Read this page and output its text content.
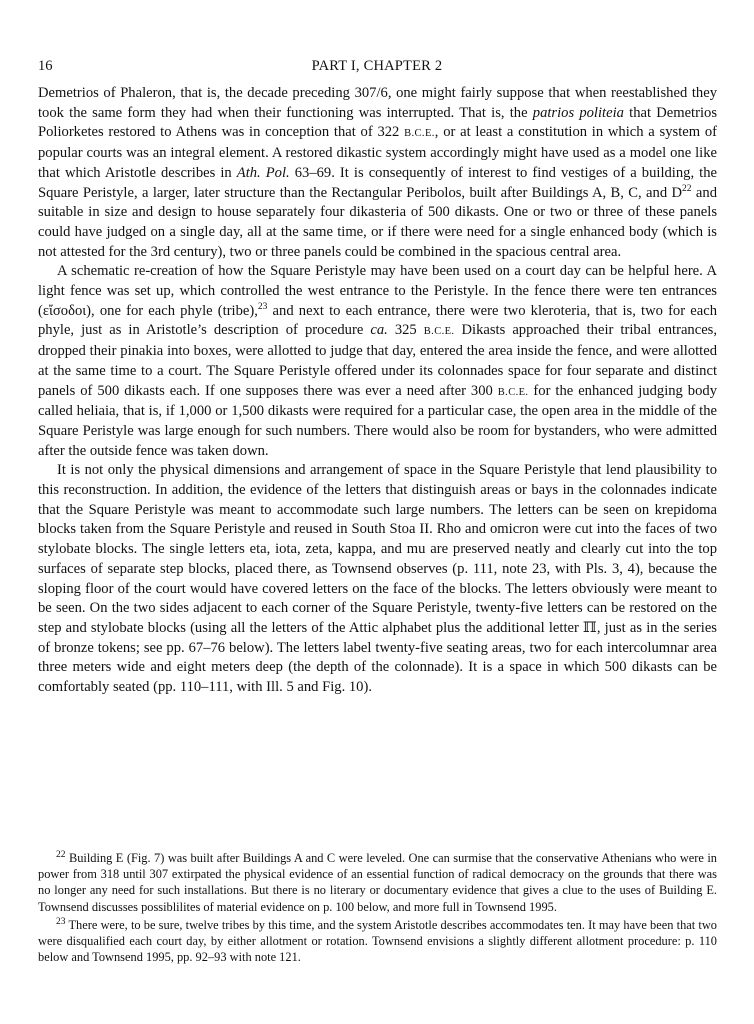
16	PART I, CHAPTER 2

Demetrios of Phaleron, that is, the decade preceding 307/6, one might fairly suppose that when reestablished they took the same form they had when their functioning was interrupted. That is, the patrios politeia that Demetrios Poliorketes restored to Athens was in conception that of 322 B.C.E., or at least a constitution in which a system of popular courts was an integral element. A restored dikastic system accordingly might have used as a model one like that which Aristotle describes in Ath. Pol. 63–69. It is consequently of interest to find vestiges of a building, the Square Peristyle, a larger, later structure than the Rectangular Peribolos, built after Buildings A, B, C, and $D^{22}$ and suitable in size and design to house separately four dikasteria of 500 dikasts. One or two or three of these panels could have judged on a single day, all at the same time, or if there were need for a single enhanced body (which is not attested for the 3rd century), two or three panels could be combined in the spacious central area.

A schematic re-creation of how the Square Peristyle may have been used on a court day can be helpful here. A light fence was set up, which controlled the west entrance to the Peristyle. In the fence there were ten entrances (εἴσοδοι), one for each phyle (tribe),$^{23}$ and next to each entrance, there were two kleroteria, that is, two for each phyle, just as in Aristotle’s description of procedure ca. 325 B.C.E. Dikasts approached their tribal entrances, dropped their pinakia into boxes, were allotted to judge that day, entered the area inside the fence, and were allotted at the same time to a court. The Square Peristyle offered under its colonnades space for four separate and distinct panels of 500 dikasts each. If one supposes there was ever a need after 300 B.C.E. for the enhanced judging body called heliaia, that is, if 1,000 or 1,500 dikasts were required for a particular case, the open area in the middle of the Square Peristyle was large enough for such numbers. There would also be room for bystanders, who were admitted after the outside fence was taken down.

It is not only the physical dimensions and arrangement of space in the Square Peristyle that lend plausibility to this reconstruction. In addition, the evidence of the letters that distinguish areas or bays in the colonnades indicate that the Square Peristyle was meant to accommodate such large numbers. The letters can be seen on krepidoma blocks taken from the Square Peristyle and reused in South Stoa II. Rho and omicron were cut into the faces of two stylobate blocks. The single letters eta, iota, zeta, kappa, and mu are preserved neatly and clearly cut into the top surfaces of separate step blocks, placed there, as Townsend observes (p. 111, note 23, with Pls. 3, 4), because the sloping floor of the court would have covered letters on the face of the blocks. The letters obviously were meant to be seen. On the two sides adjacent to each corner of the Square Peristyle, twenty-five letters can be restored on the step and stylobate blocks (using all the letters of the Attic alphabet plus the additional letter ℿ, just as in the series of bronze tokens; see pp. 67–76 below). The letters label twenty-five seating areas, two for each intercolumnar area three meters wide and eight meters deep (the depth of the colonnade). It is a space in which 500 dikasts can be comfortably seated (pp. 110–111, with Ill. 5 and Fig. 10).

$^{22}$ Building E (Fig. 7) was built after Buildings A and C were leveled. One can surmise that the conservative Athenians who were in power from 318 until 307 extirpated the physical evidence of an essential function of radical democracy on the grounds that there was no longer any need for such installations. But there is no literary or documentary evidence that gives a clue to the uses of Building E. Townsend discusses possiblilites of material evidence on p. 100 below, and more full in Townsend 1995.

$^{23}$ There were, to be sure, twelve tribes by this time, and the system Aristotle describes accommodates ten. It may have been that two were disqualified each court day, by either allotment or rotation. Townsend envisions a slightly different allotment procedure: p. 110 below and Townsend 1995, pp. 92–93 with note 121.
